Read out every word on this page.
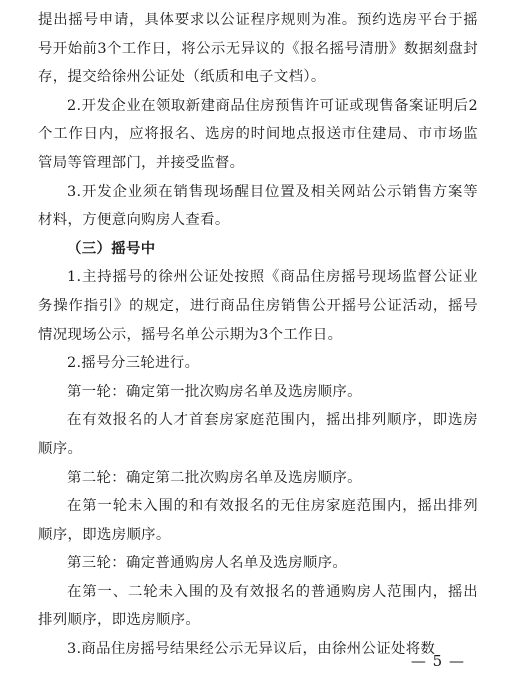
提出摇号申请，具体要求以公证程序规则为准。预约选房平台于摇号开始前3个工作日，将公示无异议的《报名摇号清册》数据刻盘封存，提交给徐州公证处（纸质和电子文档）。

2.开发企业在领取新建商品住房预售许可证或现售备案证明后2个工作日内，应将报名、选房的时间地点报送市住建局、市市场监管局等管理部门，并接受监督。

3.开发企业须在销售现场醒目位置及相关网站公示销售方案等材料，方便意向购房人查看。

（三）摇号中

1.主持摇号的徐州公证处按照《商品住房摇号现场监督公证业务操作指引》的规定，进行商品住房销售公开摇号公证活动，摇号情况现场公示，摇号名单公示期为3个工作日。

2.摇号分三轮进行。

第一轮：确定第一批次购房名单及选房顺序。

在有效报名的人才首套房家庭范围内，摇出排列顺序，即选房顺序。

第二轮：确定第二批次购房名单及选房顺序。

在第一轮未入围的和有效报名的无住房家庭范围内，摇出排列顺序，即选房顺序。

第三轮：确定普通购房人名单及选房顺序。

在第一、二轮未入围的及有效报名的普通购房人范围内，摇出排列顺序，即选房顺序。

3.商品住房摇号结果经公示无异议后，由徐州公证处将数

— 5 —
